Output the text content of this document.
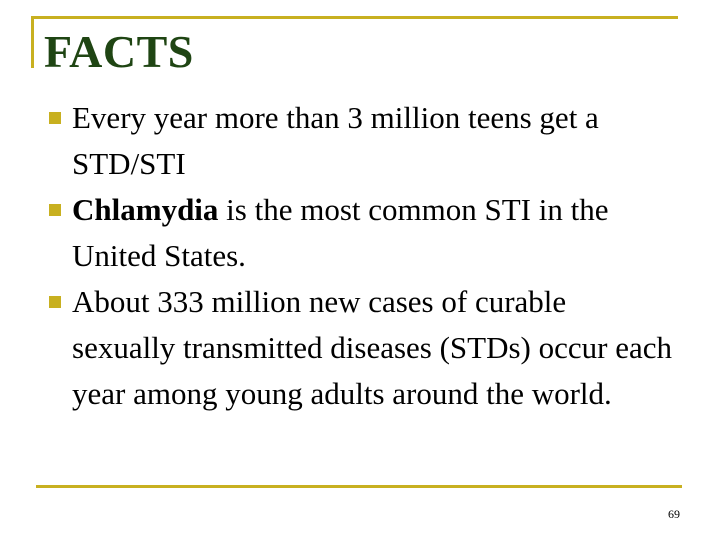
FACTS
Every year more than 3 million teens get a STD/STI
Chlamydia is the most common STI in the United States.
About 333 million new cases of curable sexually transmitted diseases (STDs) occur each year among young adults around the world.
69
